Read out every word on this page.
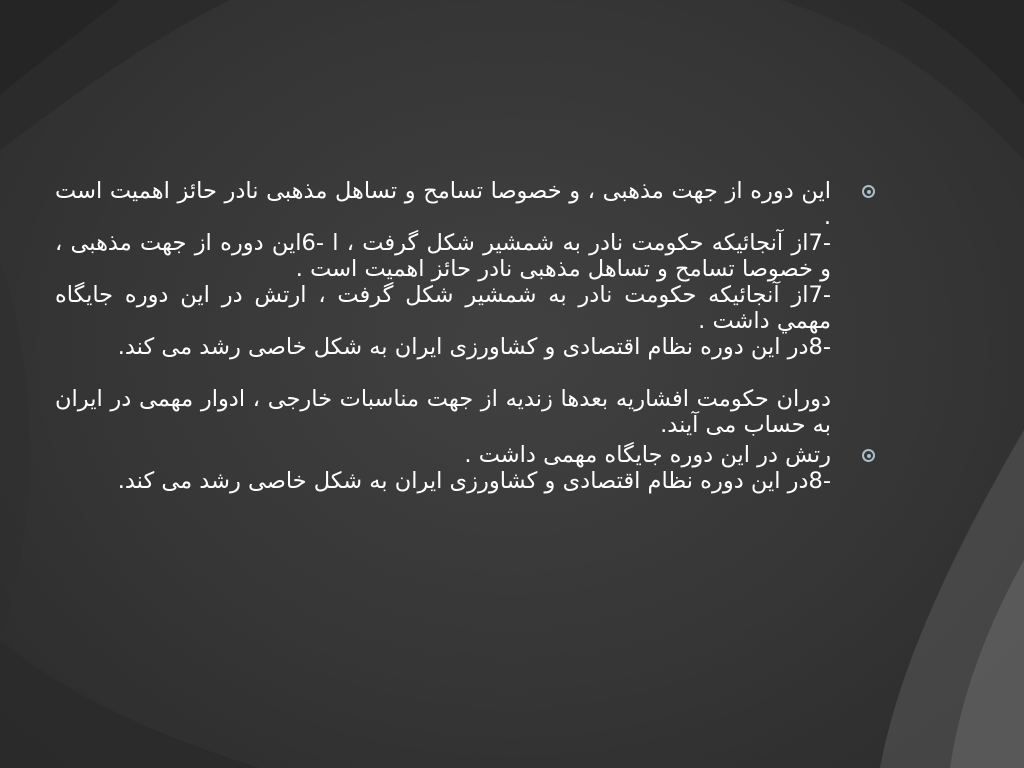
این دوره از جهت مذهبی ، و خصوصا تسامح و تساهل مذهبی نادر حائز اهمیت است .
-7از آنجائیکه حکومت نادر به شمشیر شکل گرفت ، ا -6این دوره از جهت مذهبی ، و خصوصا تسامح و تساهل مذهبی نادر حائز اهمیت است .
-7از آنجائیکه حکومت نادر به شمشیر شکل گرفت ، ارتش در این دوره جایگاه مهمي داشت .
-8در این دوره نظام اقتصادی و کشاورزی ایران به شکل خاصی رشد می کند.
دوران حکومت افشاریه بعدها زندیه از جهت مناسبات خارجی ، ادوار مهمی در ایران به حساب می آیند.
رتش در این دوره جایگاه مهمی داشت .
-8در این دوره نظام اقتصادی و کشاورزی ایران به شکل خاصی رشد می کند.
